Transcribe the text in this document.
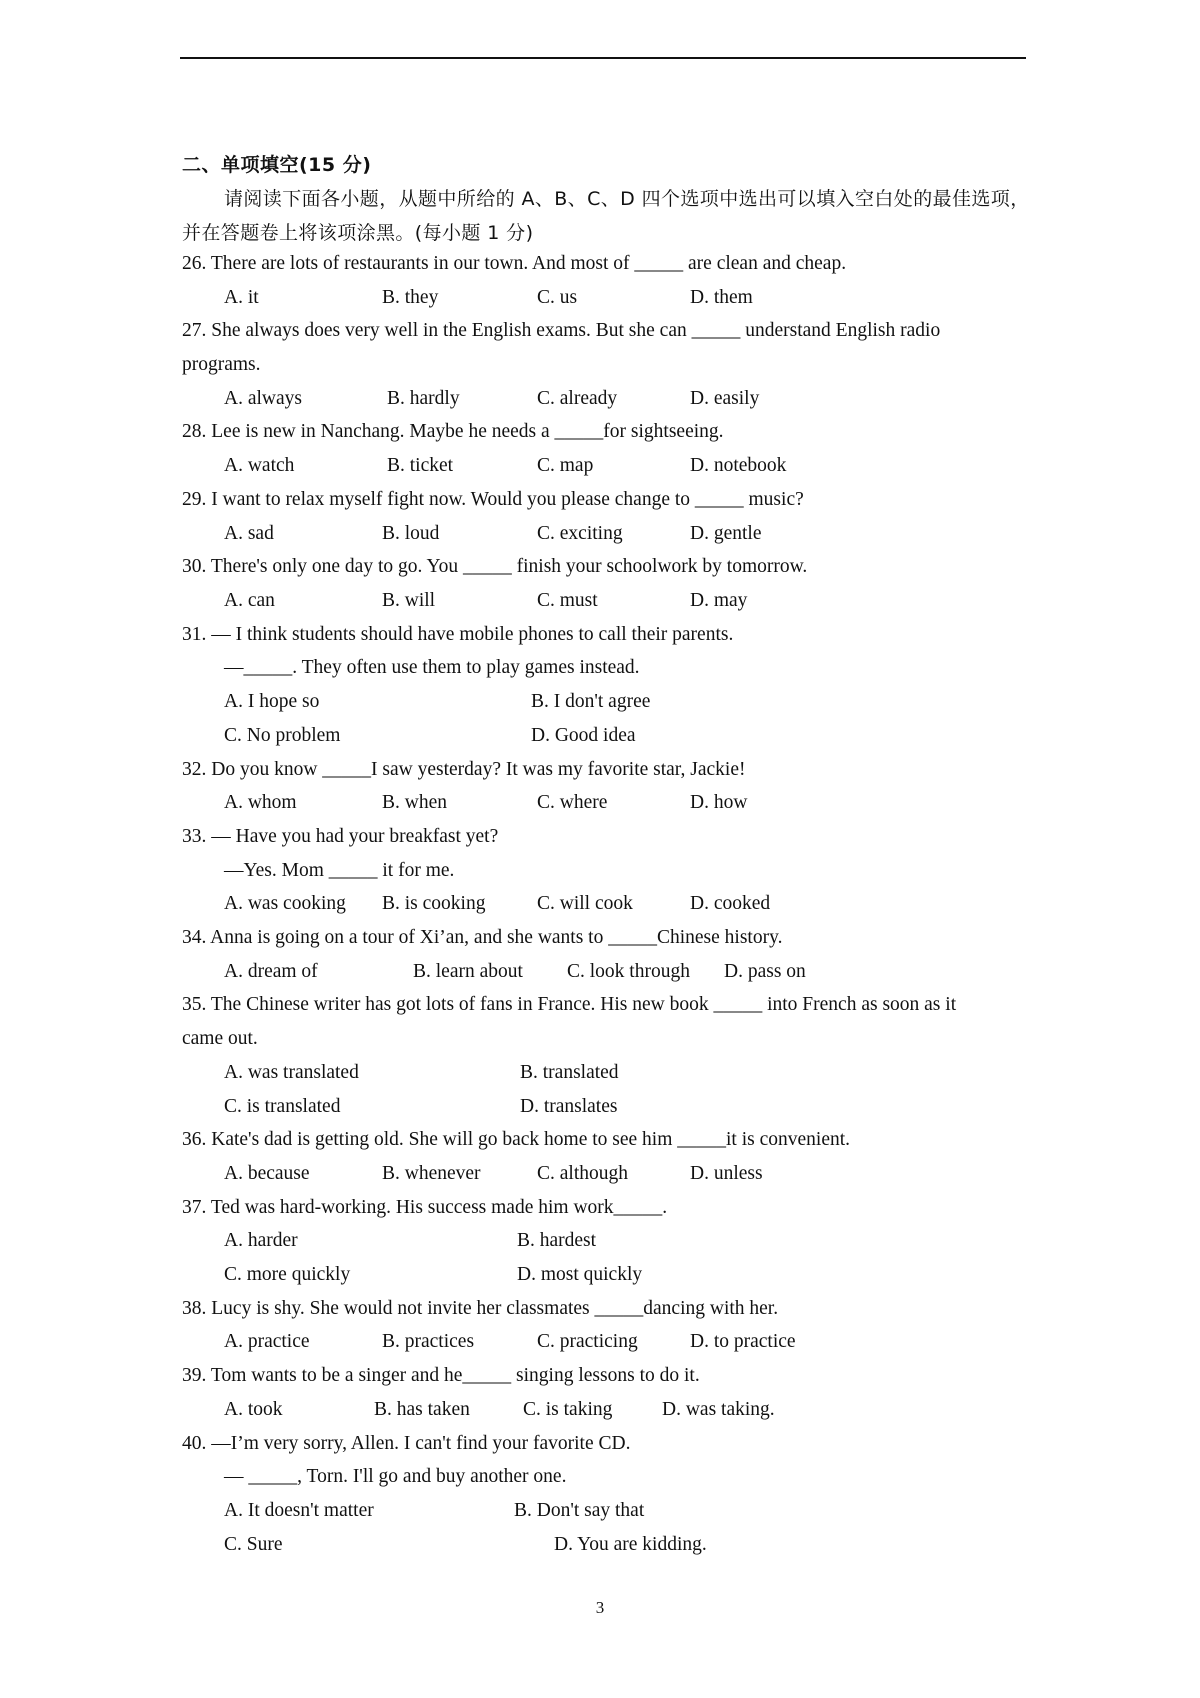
二、单项填空(15 分)
请阅读下面各小题，从题中所给的 A、B、C、D 四个选项中选出可以填入空白处的最佳选项，
并在答题卷上将该项涂黑。(每小题 1 分)
26. There are lots of restaurants in our town. And most of _____ are clean and cheap.
A. it	B. they	C. us	D. them
27. She always does very well in the English exams. But she can _____ understand English radio
programs.
A. always	B. hardly	C. already	D. easily
28. Lee is new in Nanchang. Maybe he needs a _____for sightseeing.
A. watch	B. ticket	C. map	D. notebook
29. I want to relax myself fight now. Would you please change to _____ music?
A. sad	B. loud	C. exciting	D. gentle
30. There's only one day to go. You _____ finish your schoolwork by tomorrow.
A. can	B. will	C. must	D. may
31. — I think students should have mobile phones to call their parents.
—_____. They often use them to play games instead.
A. I hope so	B. I don't agree
C. No problem	D. Good idea
32. Do you know _____I saw yesterday? It was my favorite star, Jackie!
A. whom	B. when	C. where	D. how
33. — Have you had your breakfast yet?
—Yes. Mom _____ it for me.
A. was cooking B. is cooking	C. will cook	D. cooked
34. Anna is going on a tour of Xi’an, and she wants to _____Chinese history.
A. dream of	B. learn about C. look through D. pass on
35. The Chinese writer has got lots of fans in France. His new book _____ into French as soon as it
came out.
A. was translated	B. translated
C. is translated	D. translates
36. Kate's dad is getting old. She will go back home to see him _____it is convenient.
A. because	B. whenever	C. although	D. unless
37. Ted was hard-working. His success made him work_____.
A. harder	B. hardest
C. more quickly	D. most quickly
38. Lucy is shy. She would not invite her classmates _____dancing with her.
A. practice	B. practices	C. practicing	D. to practice
39. Tom wants to be a singer and he_____ singing lessons to do it.
A. took	B. has taken	C. is taking	D. was taking.
40. —I’m very sorry, Allen. I can't find your favorite CD.
— _____, Torn. I'll go and buy another one.
A. It doesn't matter	B. Don't say that
C. Sure	D. You are kidding.
3
